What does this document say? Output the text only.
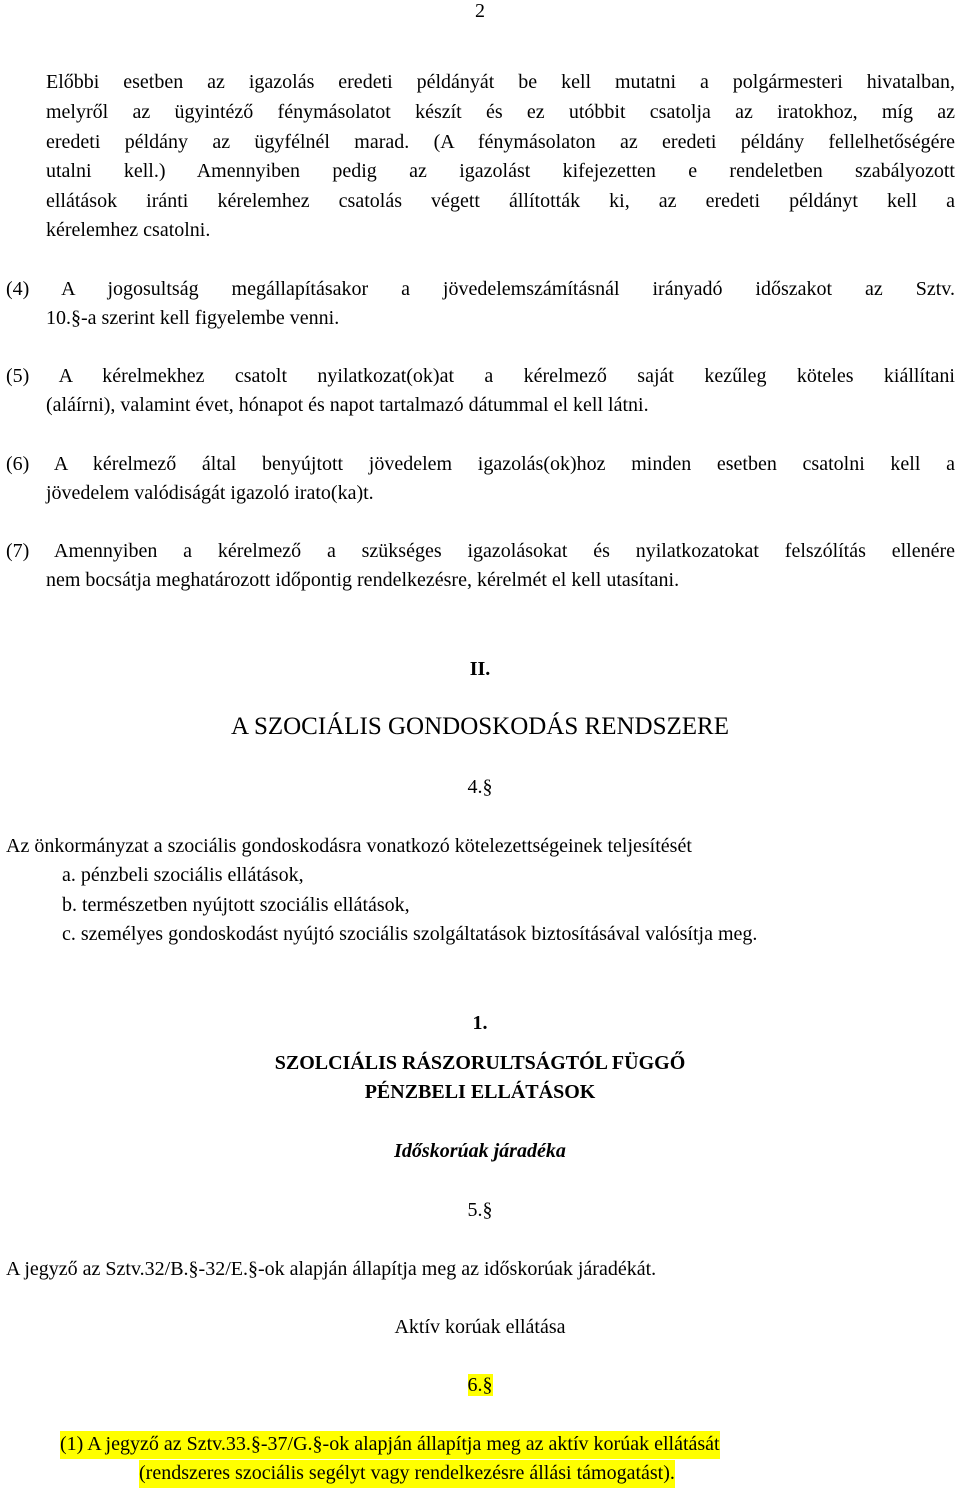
2
Előbbi esetben az igazolás eredeti példányát be kell mutatni a polgármesteri hivatalban,
melyről az ügyintéző fénymásolatot készít és ez utóbbit csatolja az iratokhoz, míg az
eredeti példány az ügyfélnél marad. (A fénymásolaton az eredeti példány fellelhetőségére
utalni kell.) Amennyiben pedig az igazolást kifejezetten e rendeletben szabályozott
ellátások iránti kérelemhez csatolás végett állították ki, az eredeti példányt kell a
kérelemhez csatolni.
(4) A jogosultság megállapításakor a jövedelemszámításnál irányadó időszakot az Sztv.
10.§-a szerint kell figyelembe venni.
(5) A kérelmekhez csatolt nyilatkozat(ok)at a kérelmező saját kezűleg köteles kiállítani
(aláírni), valamint évet, hónapot és napot tartalmazó dátummal el kell látni.
(6) A kérelmező által benyújtott jövedelem igazolás(ok)hoz minden esetben csatolni kell a
jövedelem valódiságát igazoló irato(ka)t.
(7) Amennyiben a kérelmező a szükséges igazolásokat és nyilatkozatokat felszólítás ellenére
nem bocsátja meghatározott időpontig rendelkezésre, kérelmét el kell utasítani.
II.
A SZOCIÁLIS GONDOSKODÁS RENDSZERE
4.§
Az önkormányzat a szociális gondoskodásra vonatkozó kötelezettségeinek teljesítését
a. pénzbeli szociális ellátások,
b. természetben nyújtott szociális ellátások,
c. személyes gondoskodást nyújtó szociális szolgáltatások biztosításával valósítja meg.
1.
SZOLCIÁLIS RÁSZORULTSÁGTÓL FÜGGŐ
PÉNZBELI ELLÁTÁSOK
Időskorúak járadéka
5.§
A jegyző az Sztv.32/B.§-32/E.§-ok alapján állapítja meg az időskorúak járadékát.
Aktív korúak ellátása
6.§
(1) A jegyző az Sztv.33.§-37/G.§-ok alapján állapítja meg az aktív korúak ellátását
(rendszeres szociális segélyt vagy rendelkezésre állási támogatást).
